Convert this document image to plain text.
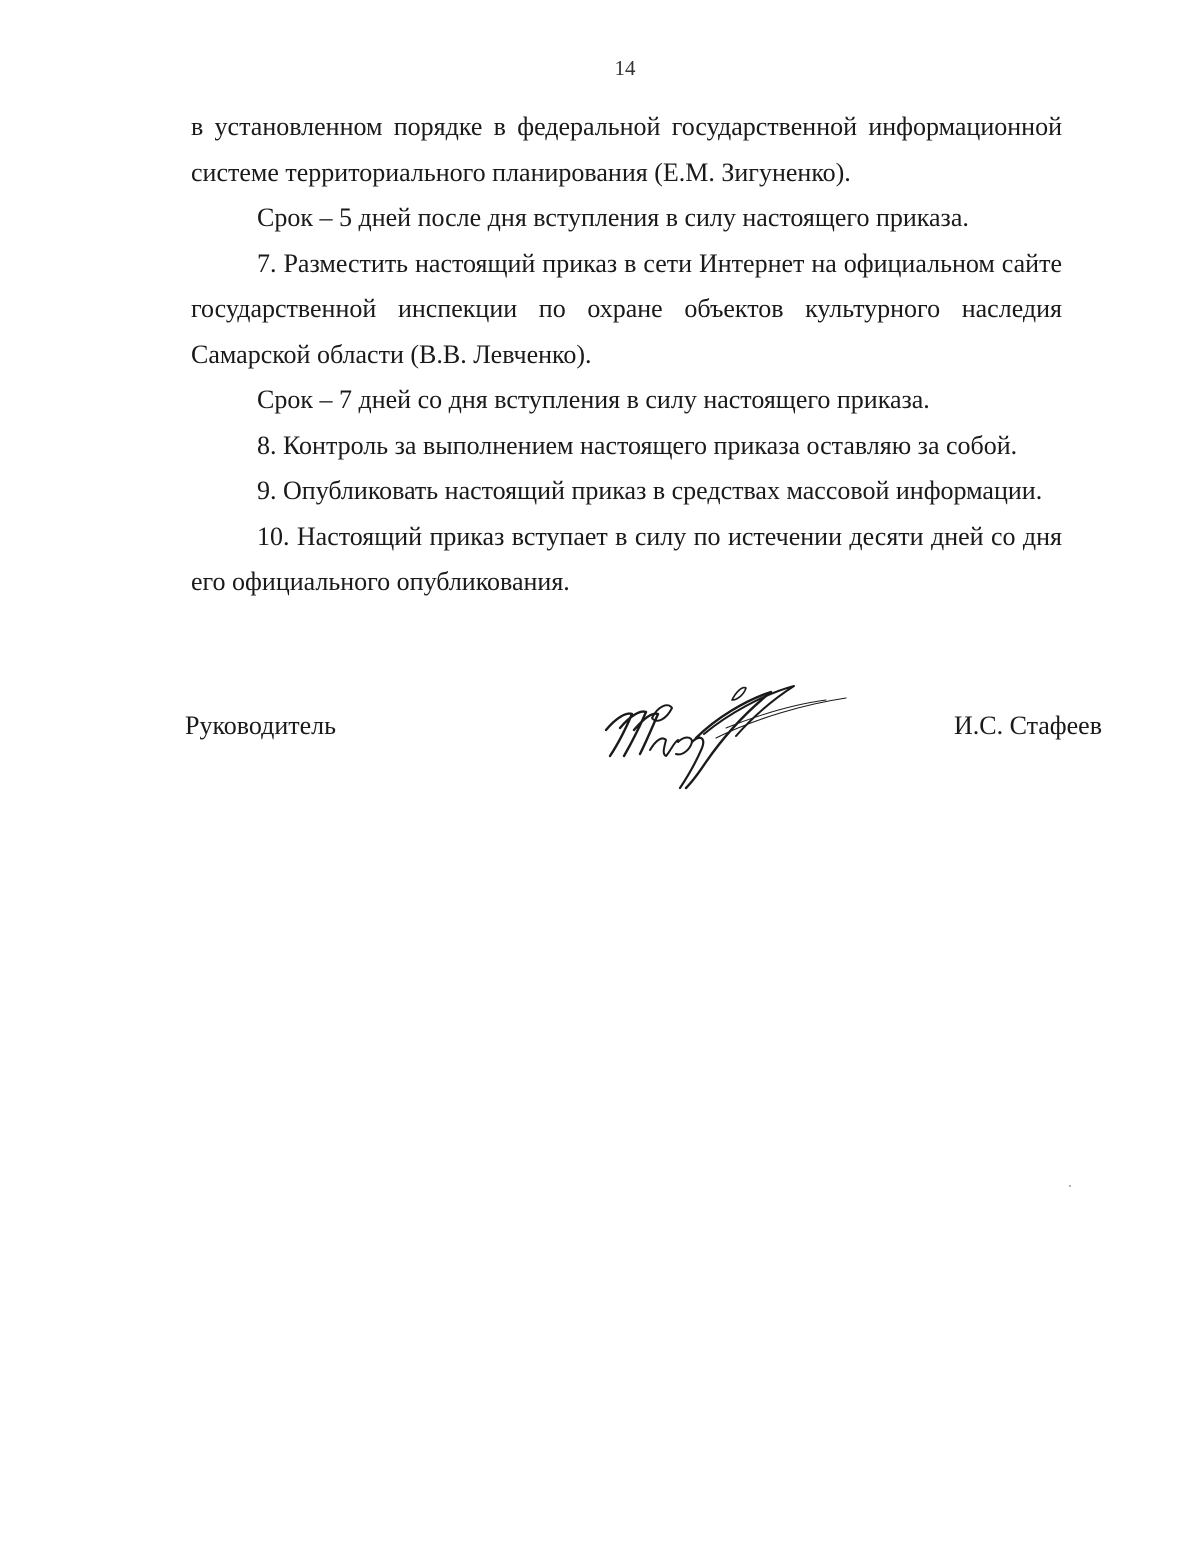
14

в установленном порядке в федеральной государственной информационной системе территориального планирования (Е.М. Зигуненко).

Срок – 5 дней после дня вступления в силу настоящего приказа.

7. Разместить настоящий приказ в сети Интернет на официальном сайте государственной инспекции по охране объектов культурного наследия Самарской области (В.В. Левченко).

Срок – 7 дней со дня вступления в силу настоящего приказа.

8. Контроль за выполнением настоящего приказа оставляю за собой.

9. Опубликовать настоящий приказ в средствах массовой информации.

10. Настоящий приказ вступает в силу по истечении десяти дней со дня его официального опубликования.

Руководитель	И.С. Стафеев
